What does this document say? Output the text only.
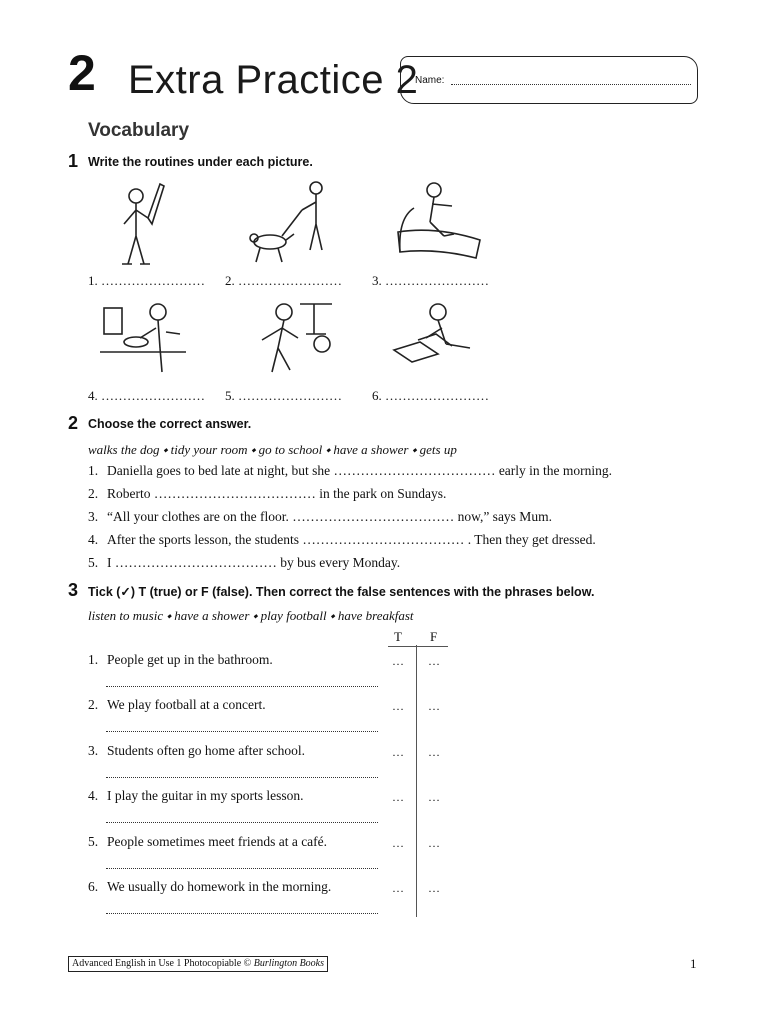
2 Extra Practice 2
Name:
Vocabulary
1 Write the routines under each picture.
1. …………………… 2. …………………… 3. ……………………
4. …………………… 5. …………………… 6. ……………………
2 Choose the correct answer.
walks the dog ⬩ tidy your room ⬩ go to school ⬩ have a shower ⬩ gets up
1. Daniella goes to bed late at night, but she ……………………………… early in the morning.
2. Roberto ……………………………… in the park on Sundays.
3. “All your clothes are on the floor. ……………………………… now,” says Mum.
4. After the sports lesson, the students ……………………………… . Then they get dressed.
5. I ……………………………… by bus every Monday.
3 Tick (✓) T (true) or F (false). Then correct the false sentences with the phrases below.
listen to music ⬩ have a shower ⬩ play football ⬩ have breakfast
T F
1. People get up in the bathroom.	… …
2. We play football at a concert.	… …
3. Students often go home after school.	… …
4. I play the guitar in my sports lesson.	… …
5. People sometimes meet friends at a café.	… …
6. We usually do homework in the morning.	… …
Advanced English in Use 1 Photocopiable © Burlington Books	1
